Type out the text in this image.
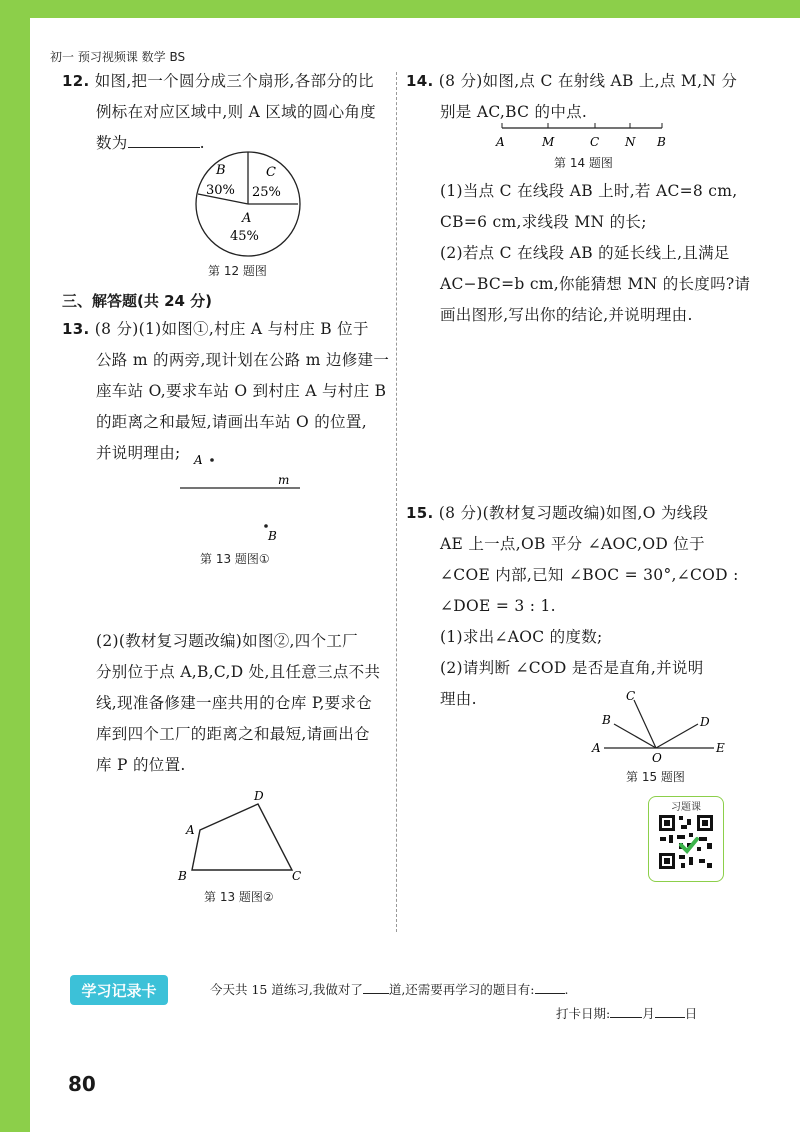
初一 预习视频课 数学 BS
12. 如图,把一个圆分成三个扇形,各部分的比
例标在对应区域中,则 A 区域的圆心角度
数为	.
B
30%
C
25%
A
45%
第 12 题图
三、解答题(共 24 分)
13. (8 分)(1)如图①,村庄 A 与村庄 B 位于
公路 m 的两旁,现计划在公路 m 边修建一
座车站 O,要求车站 O 到村庄 A 与村庄 B
的距离之和最短,请画出车站 O 的位置,
并说明理由;	A
m
B
第 13 题图①
(2)(教材复习题改编)如图②,四个工厂
分别位于点 A,B,C,D 处,且任意三点不共
线,现准备修建一座共用的仓库 P,要求仓
库到四个工厂的距离之和最短,请画出仓
库 P 的位置.
A
D
C
B
第 13 题图②
14. (8 分)如图,点 C 在射线 AB 上,点 M,N 分
别是 AC,BC 的中点.
A	M	C N B
第 14 题图
(1)当点 C 在线段 AB 上时,若 AC=8 cm,
CB=6 cm,求线段 MN 的长;
(2)若点 C 在线段 AB 的延长线上,且满足
AC−BC=b cm,你能猜想 MN 的长度吗?请
画出图形,写出你的结论,并说明理由.
15. (8 分)(教材复习题改编)如图,O 为线段
AE 上一点,OB 平分 ∠AOC,OD 位于
∠COE 内部,已知 ∠BOC = 30°,∠COD :
∠DOE = 3 : 1.
(1)求出∠AOC 的度数;
(2)请判断 ∠COD 是否是直角,并说明
理由.
A
B
C
D
O
E
第 15 题图
习题课
学习记录卡	今天共 15 道练习,我做对了 道,还需要再学习的题目有: .
打卡日期:	月 日
80
